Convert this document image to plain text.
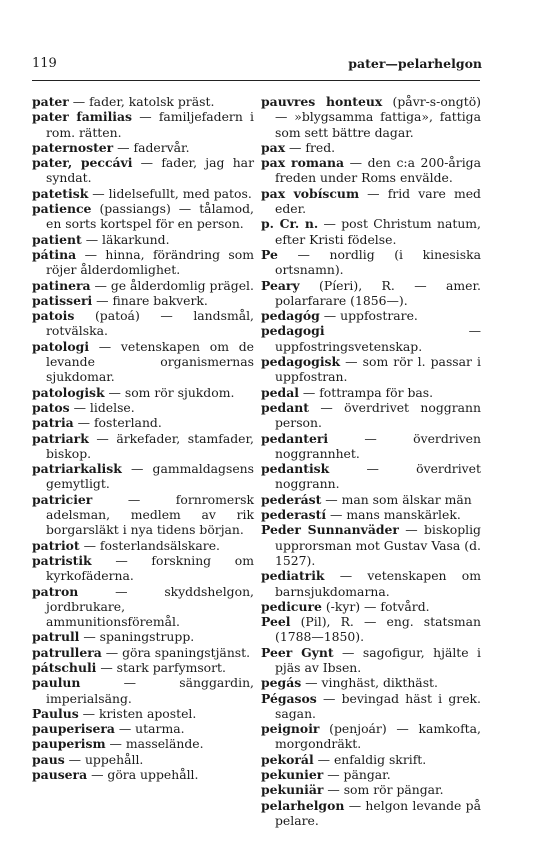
119	pater—pelarhelgon
pater — fader, katolsk präst.
pater familias — familjefadern i rom. rätten.
paternoster — fadervår.
pater, peccávi — fader, jag har syndat.
patetisk — lidelsefullt, med patos.
patience (passiangs) — tålamod, en sorts kortspel för en person.
patient — läkarkund.
pátina — hinna, förändring som röjer ålderdomlighet.
patinera — ge ålderdomlig prägel.
patisseri — finare bakverk.
patois (patoá) — landsmål, rotvälska.
patologi — vetenskapen om de levande organismernas sjukdomar.
patologisk — som rör sjukdom.
patos — lidelse.
patria — fosterland.
patriark — ärkefader, stamfader, biskop.
patriarkalisk — gammaldagsens gemytligt.
patricier — fornromersk adelsman, medlem av rik borgarsläkt i nya tidens början.
patriot — fosterlandsälskare.
patristik — forskning om kyrkofäderna.
patron — skyddshelgon, jordbrukare, ammunitionsföremål.
patrull — spaningstrupp.
patrullera — göra spaningstjänst.
pátschuli — stark parfymsort.
paulun — sänggardin, imperialsäng.
Paulus — kristen apostel.
pauperisera — utarma.
pauperism — masselände.
paus — uppehåll.
pausera — göra uppehåll.
pauvres honteux (påvr-s-ongtö) — »blygsamma fattiga», fattiga som sett bättre dagar.
pax — fred.
pax romana — den c:a 200-åriga freden under Roms envälde.
pax vobíscum — frid vare med eder.
p. Cr. n. — post Christum natum, efter Kristi födelse.
Pe — nordlig (i kinesiska ortsnamn).
Peary (Píeri), R. — amer. polarfarare (1856—).
pedagóg — uppfostrare.
pedagogi — uppfostringsvetenskap.
pedagogisk — som rör l. passar i uppfostran.
pedal — fottrampa för bas.
pedant — överdrivet noggrann person.
pedanteri — överdriven noggrannhet.
pedantisk — överdrivet noggrann.
pederást — man som älskar män
pederastí — mans manskärlek.
Peder Sunnanväder — biskoplig upprorsman mot Gustav Vasa (d. 1527).
pediatrik — vetenskapen om barnsjukdomarna.
pedicure (-kyr) — fotvård.
Peel (Pil), R. — eng. statsman (1788—1850).
Peer Gynt — sagofigur, hjälte i pjäs av Ibsen.
pegás — vinghäst, dikthäst.
Pégasos — bevingad häst i grek. sagan.
peignoir (penjoár) — kamkofta, morgondräkt.
pekorál — enfaldig skrift.
pekunier — pängar.
pekuniär — som rör pängar.
pelarhelgon — helgon levande på pelare.
